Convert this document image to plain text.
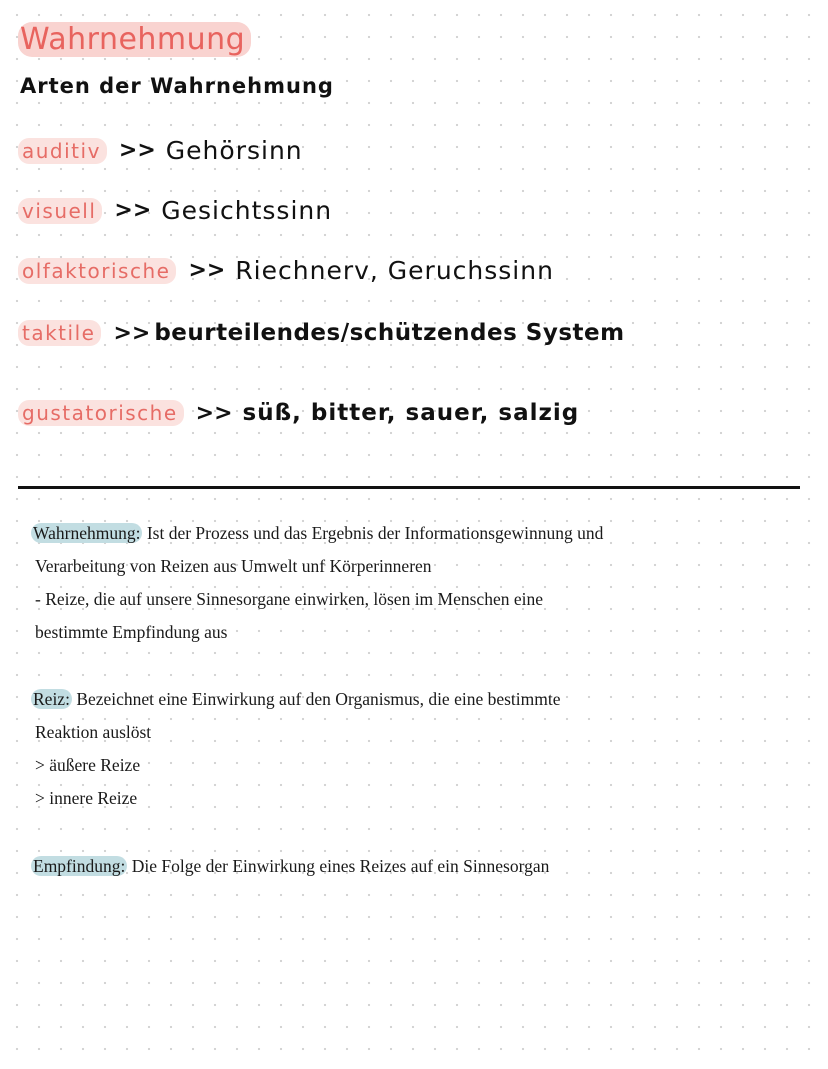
Wahrnehmung
Arten der Wahrnehmung
auditiv >> Gehörsinn
visuell >> Gesichtssinn
olfaktorische >> Riechnerv, Geruchssinn
taktile >> beurteilendes/schützendes System
gustatorische >> süß, bitter, sauer, salzig
Wahrnehmung: Ist der Prozess und das Ergebnis der Informationsgewinnung und
Verarbeitung von Reizen aus Umwelt unf Körperinneren
- Reize, die auf unsere Sinnesorgane einwirken, lösen im Menschen eine
bestimmte Empfindung aus
Reiz: Bezeichnet eine Einwirkung auf den Organismus, die eine bestimmte
Reaktion auslöst
> äußere Reize
> innere Reize
Empfindung: Die Folge der Einwirkung eines Reizes auf ein Sinnesorgan
